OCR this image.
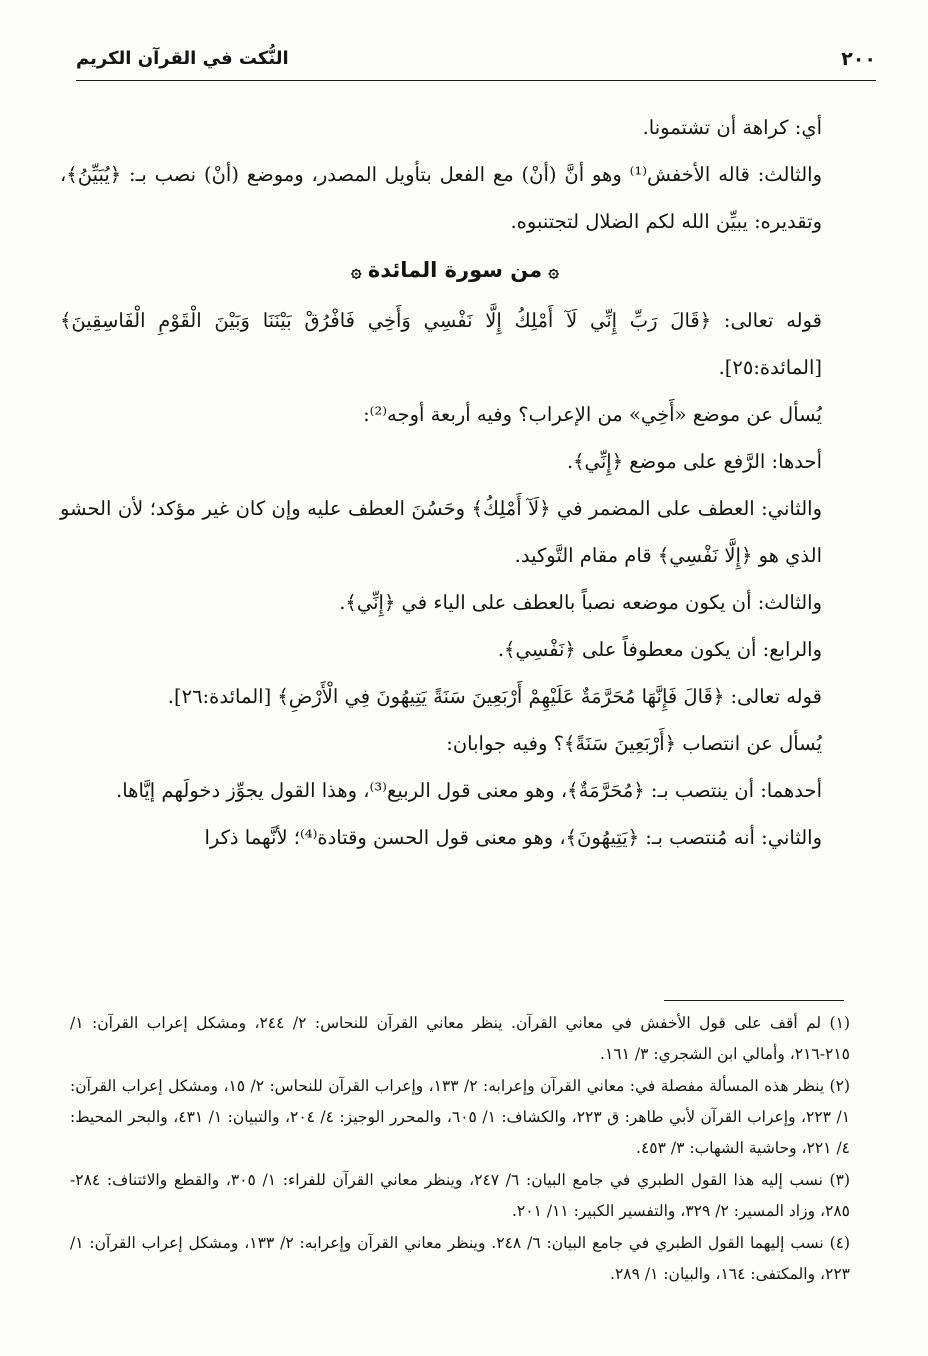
٢٠٠
النُّكت في القرآن الكريم

أي: كراهة أن تشتمونا.

والثالث: قاله الأخفش⁽¹⁾ وهو أنَّ (أنْ) مع الفعل بتأويل المصدر، وموضع (أنْ) نصب بـ: ﴿يُبَيِّنُ﴾، وتقديره: يبيِّن الله لكم الضلال لتجتنبوه.

۞ من سورة المائدة ۞

قوله تعالى: ﴿قَالَ رَبِّ إِنِّي لَآ أَمْلِكُ إِلَّا نَفْسِي وَأَخِي فَافْرُقْ بَيْنَنَا وَبَيْنَ الْقَوْمِ الْفَاسِقِينَ﴾ [المائدة:٢٥].

يُسأل عن موضع «أَخِي» من الإعراب؟ وفيه أربعة أوجه⁽²⁾:

أحدها: الرَّفع على موضع ﴿إِنِّي﴾.

والثاني: العطف على المضمر في ﴿لَآ أَمْلِكُ﴾ وحَسُنَ العطف عليه وإن كان غير مؤكد؛ لأن الحشو الذي هو ﴿إِلَّا نَفْسِي﴾ قام مقام التَّوكيد.

والثالث: أن يكون موضعه نصباً بالعطف على الياء في ﴿إِنِّي﴾.

والرابع: أن يكون معطوفاً على ﴿نَفْسِي﴾.

قوله تعالى: ﴿قَالَ فَإِنَّهَا مُحَرَّمَةٌ عَلَيْهِمْ أَرْبَعِينَ سَنَةً يَتِيهُونَ فِي الْأَرْضِ﴾ [المائدة:٢٦].

يُسأل عن انتصاب ﴿أَرْبَعِينَ سَنَةً﴾؟ وفيه جوابان:

أحدهما: أن ينتصب بـ: ﴿مُحَرَّمَةٌ﴾، وهو معنى قول الربيع⁽³⁾، وهذا القول يجوِّز دخولَهم إيَّاها.

والثاني: أنه مُنتصب بـ: ﴿يَتِيهُونَ﴾، وهو معنى قول الحسن وقتادة⁽⁴⁾؛ لأنَّهما ذكرا

(١) لم أقف على قول الأخفش في معاني القرآن. ينظر معاني القرآن للنحاس: ٢/ ٢٤٤، ومشكل إعراب القرآن: ١/ ٢١٥-٢١٦، وأمالي ابن الشجري: ٣/ ١٦١.

(٢) ينظر هذه المسألة مفصلة في: معاني القرآن وإعرابه: ٢/ ١٣٣، وإعراب القرآن للنحاس: ٢/ ١٥، ومشكل إعراب القرآن: ١/ ٢٢٣، وإعراب القرآن لأبي طاهر: ق ٢٢٣، والكشاف: ١/ ٦٠٥، والمحرر الوجيز: ٤/ ٢٠٤، والتبيان: ١/ ٤٣١، والبحر المحيط: ٤/ ٢٢١، وحاشية الشهاب: ٣/ ٤٥٣.

(٣) نسب إليه هذا القول الطبري في جامع البيان: ٦/ ٢٤٧، وينظر معاني القرآن للفراء: ١/ ٣٠٥، والقطع والائتناف: ٢٨٤- ٢٨٥، وزاد المسير: ٢/ ٣٢٩، والتفسير الكبير: ١١/ ٢٠١.

(٤) نسب إليهما القول الطبري في جامع البيان: ٦/ ٢٤٨. وينظر معاني القرآن وإعرابه: ٢/ ١٣٣، ومشكل إعراب القرآن: ١/ ٢٢٣، والمكتفى: ١٦٤، والبيان: ١/ ٢٨٩.
